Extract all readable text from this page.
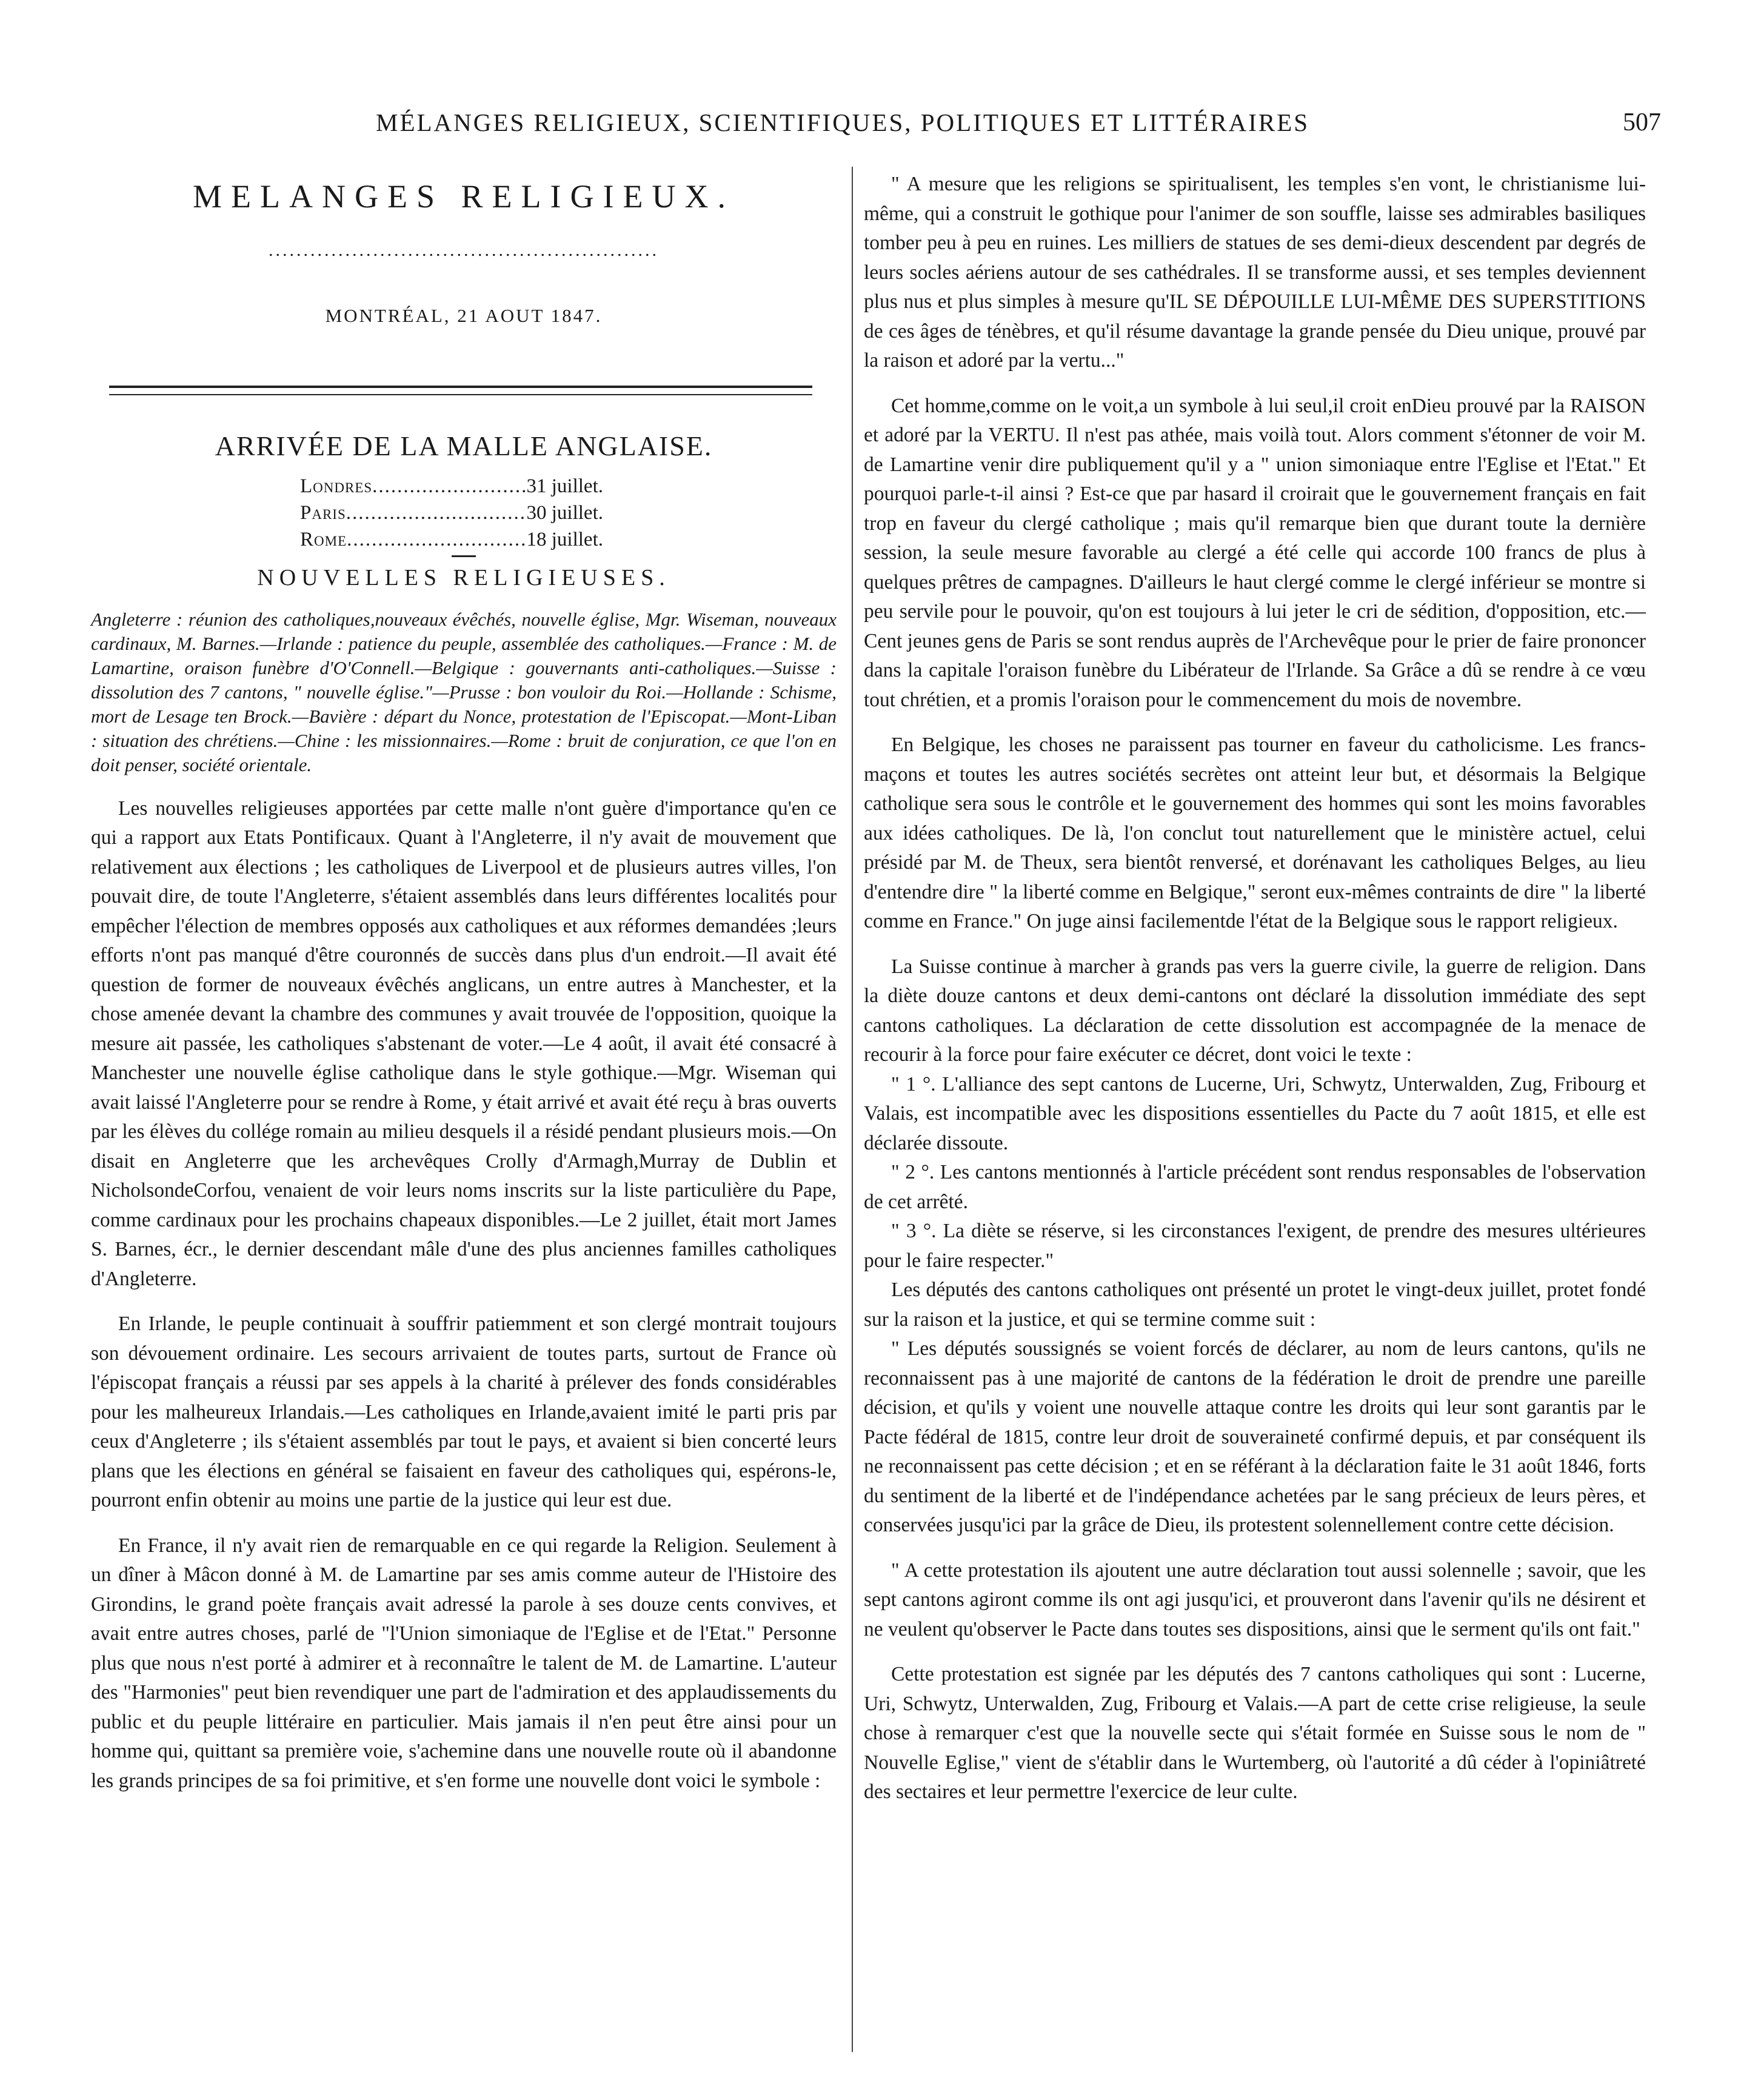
MÉLANGES RELIGIEUX, SCIENTIFIQUES, POLITIQUES ET LITTÉRAIRES	507
MELANGES RELIGIEUX.
........................................................
MONTRÉAL, 21 AOUT 1847.
ARRIVÉE DE LA MALLE ANGLAISE.
Londres .....	31 juillet.
Paris .....	30 juillet.
Rome .....	18 juillet.
NOUVELLES RELIGIEUSES.
Angleterre : réunion des catholiques,nouveaux évêchés, nouvelle église, Mgr. Wiseman, nouveaux cardinaux, M. Barnes.—Irlande : patience du peuple, assemblée des catholiques.—France : M. de Lamartine, oraison funèbre d'O'Connell.—Belgique : gouvernants anti-catholiques.—Suisse : dissolution des 7 cantons, " nouvelle église."—Prusse : bon vouloir du Roi.—Hollande : Schisme, mort de Lesage ten Brock.—Bavière : départ du Nonce, protestation de l'Episcopat.—Mont-Liban : situation des chrétiens.—Chine : les missionnaires.—Rome : bruit de conjuration, ce que l'on en doit penser, société orientale.

Les nouvelles religieuses apportées par cette malle n'ont guère d'importance qu'en ce qui a rapport aux Etats Pontificaux. Quant à l'Angleterre, il n'y avait de mouvement que relativement aux élections ; les catholiques de Liverpool et de plusieurs autres villes, l'on pouvait dire, de toute l'Angleterre, s'étaient assemblés dans leurs différentes localités pour empêcher l'élection de membres opposés aux catholiques et aux réformes demandées ;leurs efforts n'ont pas manqué d'être couronnés de succès dans plus d'un endroit.—Il avait été question de former de nouveaux évêchés anglicans, un entre autres à Manchester, et la chose amenée devant la chambre des communes y avait trouvée de l'opposition, quoique la mesure ait passée, les catholiques s'abstenant de voter.—Le 4 août, il avait été consacré à Manchester une nouvelle église catholique dans le style gothique.—Mgr. Wiseman qui avait laissé l'Angleterre pour se rendre à Rome, y était arrivé et avait été reçu à bras ouverts par les élèves du collége romain au milieu desquels il a résidé pendant plusieurs mois.—On disait en Angleterre que les archevêques Crolly d'Armagh,Murray de Dublin et NicholsondeCorfou, venaient de voir leurs noms inscrits sur la liste particulière du Pape, comme cardinaux pour les prochains chapeaux disponibles.—Le 2 juillet, était mort James S. Barnes, écr., le dernier descendant mâle d'une des plus anciennes familles catholiques d'Angleterre.

En Irlande, le peuple continuait à souffrir patiemment et son clergé montrait toujours son dévouement ordinaire. Les secours arrivaient de toutes parts, surtout de France où l'épiscopat français a réussi par ses appels à la charité à prélever des fonds considérables pour les malheureux Irlandais.—Les catholiques en Irlande,avaient imité le parti pris par ceux d'Angleterre ; ils s'étaient assemblés par tout le pays, et avaient si bien concerté leurs plans que les élections en général se faisaient en faveur des catholiques qui, espérons-le, pourront enfin obtenir au moins une partie de la justice qui leur est due.

En France, il n'y avait rien de remarquable en ce qui regarde la Religion. Seulement à un dîner à Mâcon donné à M. de Lamartine par ses amis comme auteur de l'Histoire des Girondins, le grand poète français avait adressé la parole à ses douze cents convives, et avait entre autres choses, parlé de "l'Union simoniaque de l'Eglise et de l'Etat." Personne plus que nous n'est porté à admirer et à reconnaître le talent de M. de Lamartine. L'auteur des "Harmonies" peut bien revendiquer une part de l'admiration et des applaudissements du public et du peuple littéraire en particulier. Mais jamais il n'en peut être ainsi pour un homme qui, quittant sa première voie, s'achemine dans une nouvelle route où il abandonne les grands principes de sa foi primitive, et s'en forme une nouvelle dont voici le symbole :

" A mesure que les religions se spiritualisent, les temples s'en vont, le christianisme lui-même, qui a construit le gothique pour l'animer de son souffle, laisse ses admirables basiliques tomber peu à peu en ruines. Les milliers de statues de ses demi-dieux descendent par degrés de leurs socles aériens autour de ses cathédrales. Il se transforme aussi, et ses temples deviennent plus nus et plus simples à mesure qu'IL SE DÉPOUILLE LUI-MÊME DES SUPERSTITIONS de ces âges de ténèbres, et qu'il résume davantage la grande pensée du Dieu unique, prouvé par la raison et adoré par la vertu..."

Cet homme,comme on le voit,a un symbole à lui seul,il croit enDieu prouvé par la RAISON et adoré par la VERTU. Il n'est pas athée, mais voilà tout. Alors comment s'étonner de voir M. de Lamartine venir dire publiquement qu'il y a " union simoniaque entre l'Eglise et l'Etat." Et pourquoi parle-t-il ainsi ? Est-ce que par hasard il croirait que le gouvernement français en fait trop en faveur du clergé catholique ; mais qu'il remarque bien que durant toute la dernière session, la seule mesure favorable au clergé a été celle qui accorde 100 francs de plus à quelques prêtres de campagnes. D'ailleurs le haut clergé comme le clergé inférieur se montre si peu servile pour le pouvoir, qu'on est toujours à lui jeter le cri de sédition, d'opposition, etc.—Cent jeunes gens de Paris se sont rendus auprès de l'Archevêque pour le prier de faire prononcer dans la capitale l'oraison funèbre du Libérateur de l'Irlande. Sa Grâce a dû se rendre à ce vœu tout chrétien, et a promis l'oraison pour le commencement du mois de novembre.

En Belgique, les choses ne paraissent pas tourner en faveur du catholicisme. Les francs-maçons et toutes les autres sociétés secrètes ont atteint leur but, et désormais la Belgique catholique sera sous le contrôle et le gouvernement des hommes qui sont les moins favorables aux idées catholiques. De là, l'on conclut tout naturellement que le ministère actuel, celui présidé par M. de Theux, sera bientôt renversé, et dorénavant les catholiques Belges, au lieu d'entendre dire " la liberté comme en Belgique," seront eux-mêmes contraints de dire " la liberté comme en France." On juge ainsi facilementde l'état de la Belgique sous le rapport religieux.

La Suisse continue à marcher à grands pas vers la guerre civile, la guerre de religion. Dans la diète douze cantons et deux demi-cantons ont déclaré la dissolution immédiate des sept cantons catholiques. La déclaration de cette dissolution est accompagnée de la menace de recourir à la force pour faire exécuter ce décret, dont voici le texte :

" 1 °. L'alliance des sept cantons de Lucerne, Uri, Schwytz, Unterwalden, Zug, Fribourg et Valais, est incompatible avec les dispositions essentielles du Pacte du 7 août 1815, et elle est déclarée dissoute.

" 2 °. Les cantons mentionnés à l'article précédent sont rendus responsables de l'observation de cet arrêté.

" 3 °. La diète se réserve, si les circonstances l'exigent, de prendre des mesures ultérieures pour le faire respecter."

Les députés des cantons catholiques ont présenté un protet le vingt-deux juillet, protet fondé sur la raison et la justice, et qui se termine comme suit :

" Les députés soussignés se voient forcés de déclarer, au nom de leurs cantons, qu'ils ne reconnaissent pas à une majorité de cantons de la fédération le droit de prendre une pareille décision, et qu'ils y voient une nouvelle attaque contre les droits qui leur sont garantis par le Pacte fédéral de 1815, contre leur droit de souveraineté confirmé depuis, et par conséquent ils ne reconnaissent pas cette décision ; et en se référant à la déclaration faite le 31 août 1846, forts du sentiment de la liberté et de l'indépendance achetées par le sang précieux de leurs pères, et conservées jusqu'ici par la grâce de Dieu, ils protestent solennellement contre cette décision.

" A cette protestation ils ajoutent une autre déclaration tout aussi solennelle ; savoir, que les sept cantons agiront comme ils ont agi jusqu'ici, et prouveront dans l'avenir qu'ils ne désirent et ne veulent qu'observer le Pacte dans toutes ses dispositions, ainsi que le serment qu'ils ont fait."

Cette protestation est signée par les députés des 7 cantons catholiques qui sont : Lucerne, Uri, Schwytz, Unterwalden, Zug, Fribourg et Valais.—A part de cette crise religieuse, la seule chose à remarquer c'est que la nouvelle secte qui s'était formée en Suisse sous le nom de " Nouvelle Eglise," vient de s'établir dans le Wurtemberg, où l'autorité a dû céder à l'opiniâtreté des sectaires et leur permettre l'exercice de leur culte.
